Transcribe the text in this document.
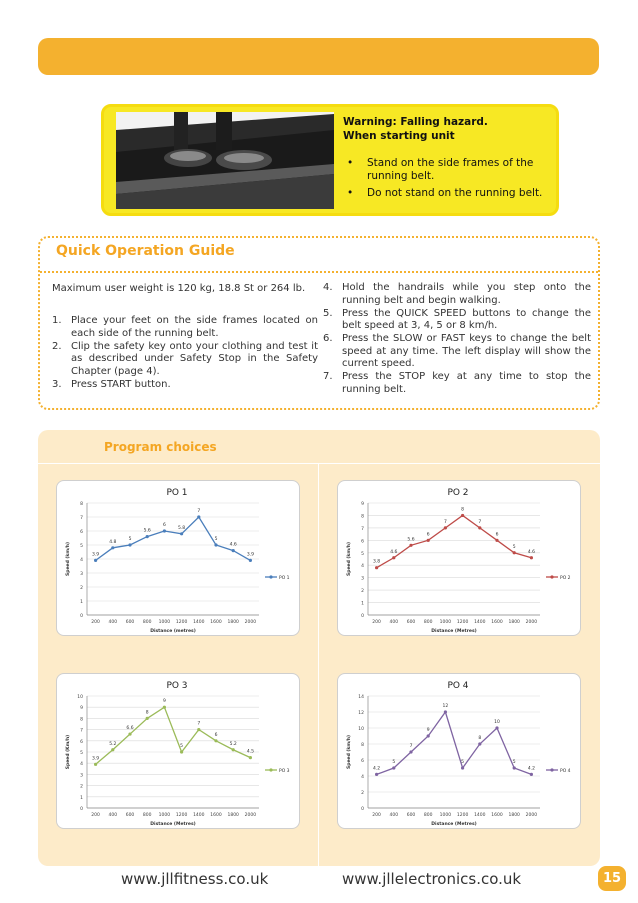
Warning: Falling hazard.
When starting unit
• Stand on the side frames of the running belt.
• Do not stand on the running belt.
Quick Operation Guide
Maximum user weight is 120 kg, 18.8 St or 264 lb.
1. Place your feet on the side frames located on each side of the running belt.
2. Clip the safety key onto your clothing and test it as described under Safety Stop in the Safety Chapter (page 4).
3. Press START button.
4. Hold the handrails while you step onto the running belt and begin walking.
5. Press the QUICK SPEED buttons to change the belt speed at 3, 4, 5 or 8 km/h.
6. Press the SLOW or FAST keys to change the belt speed at any time. The left display will show the current speed.
7. Press the STOP key at any time to stop the running belt.
Program choices
PO 1
0
1
2
3
4
5
6
7
8
200 400 600 800 1000 1200 1400 1600 1800 2000
Distance (metres)
Speed (km/h)	3.9
4.8
5
5.6
6
5.8
7
5
4.6
3.9
PO 1
PO 2
0
1
2
3
4
5
6
7
8
9
200 400 600 800 1000 1200 1400 1600 1800 2000
Distance (Metres)
Speed (km/h)	3.8
4.6
5.6
6
7
8
7
6
5
4.6
PO 2
PO 3
0
1
2
3
4
5
6
7
8
9
10
200 400 600 800 1000 1200 1400 1600 1800 2000
Distance (Metres)
Speed (Km/h)	3.9
5.2
6.6
8
9
5
7
6
5.2
4.5
PO 3
PO 4
0
2
4
6
8
10
12
14
200 400 600 800 1000 1200 1400 1600 1800 2000
Distance (Metres)
Speed (km/h)	4.2
5
7
9
12
5
8
10
5
4.2
PO 4
www.jllfitness.co.uk	www.jllelectronics.co.uk	15
